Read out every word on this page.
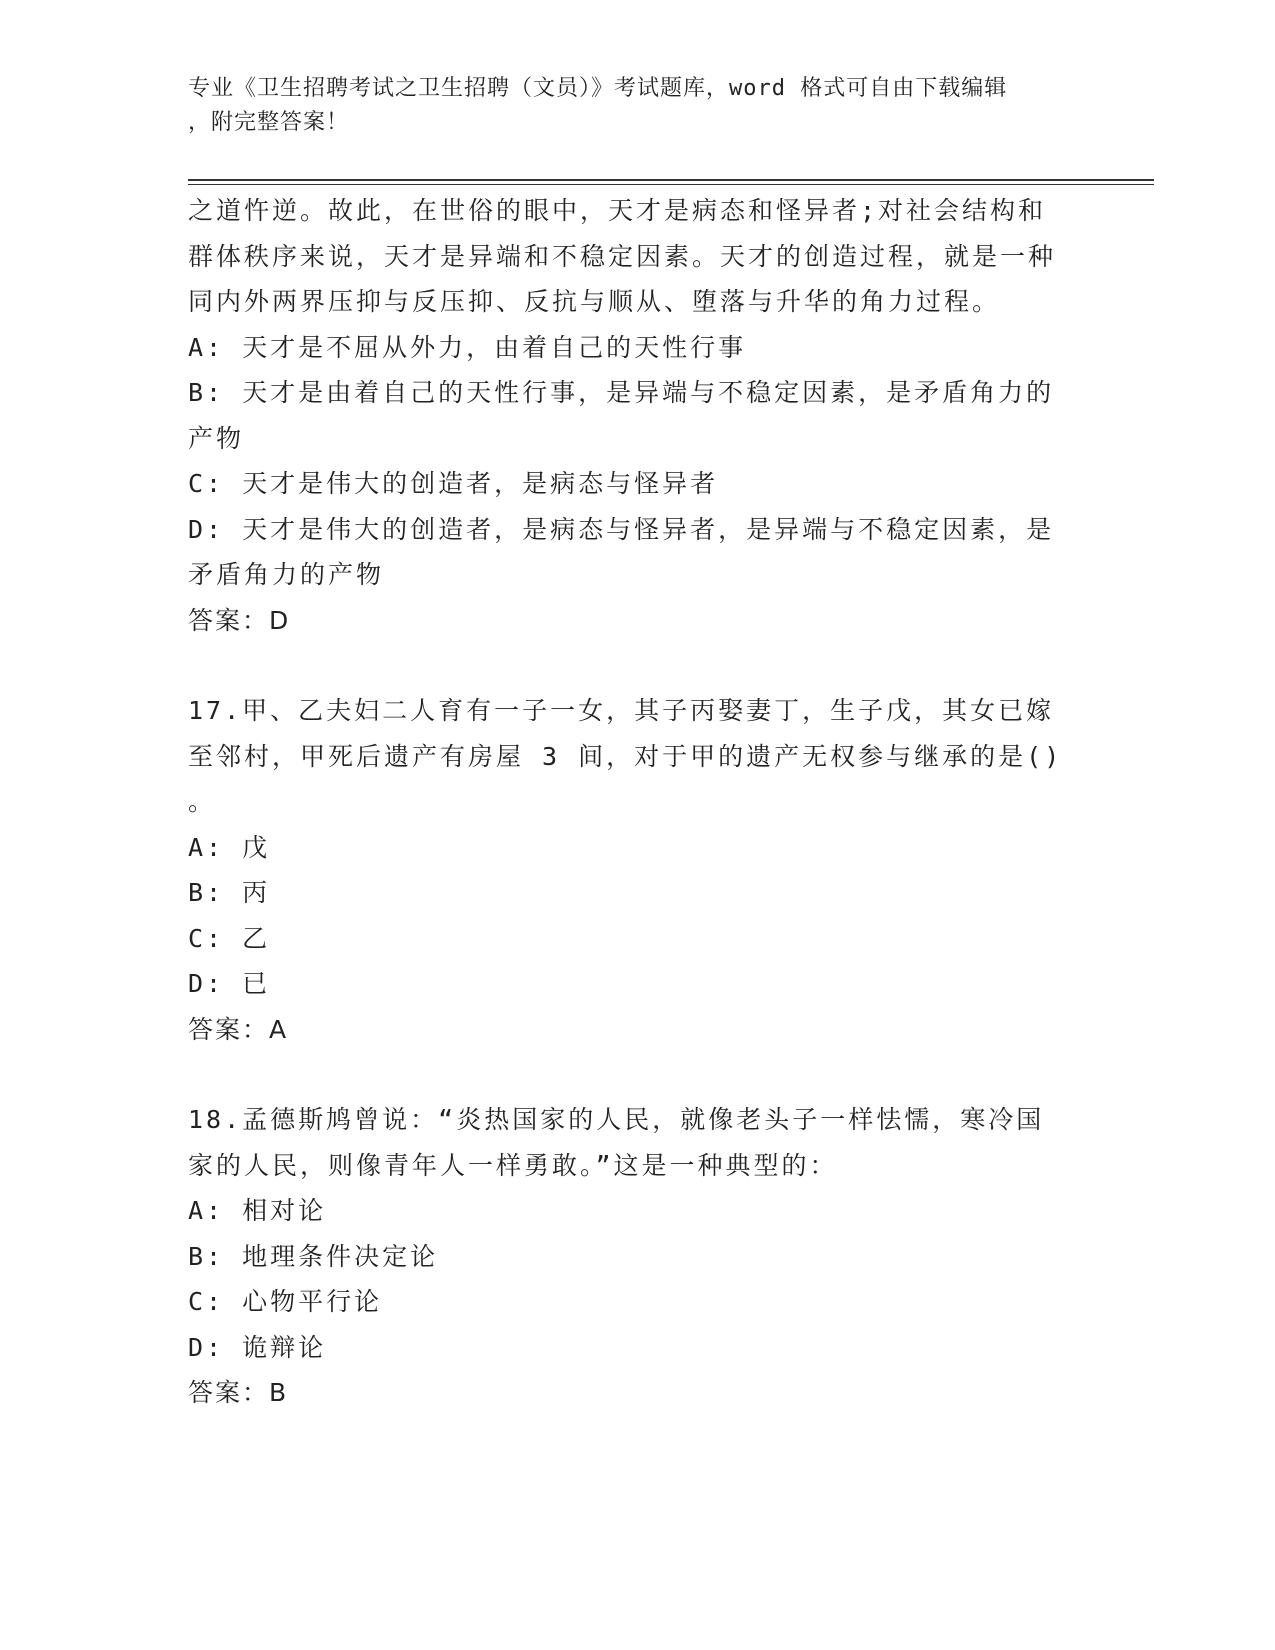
专业《卫生招聘考试之卫生招聘（文员）》考试题库，word 格式可自由下载编辑
，附完整答案！

之道忤逆。故此，在世俗的眼中，天才是病态和怪异者;对社会结构和群体秩序来说，天才是异端和不稳定因素。天才的创造过程，就是一种同内外两界压抑与反压抑、反抗与顺从、堕落与升华的角力过程。

A: 天才是不屈从外力，由着自己的天性行事

B: 天才是由着自己的天性行事，是异端与不稳定因素，是矛盾角力的产物

C: 天才是伟大的创造者，是病态与怪异者

D: 天才是伟大的创造者，是病态与怪异者，是异端与不稳定因素，是矛盾角力的产物

答案：D

17.甲、乙夫妇二人育有一子一女，其子丙娶妻丁，生子戊，其女已嫁至邻村，甲死后遗产有房屋 3 间，对于甲的遗产无权参与继承的是()

。

A: 戊

B: 丙

C: 乙

D: 已

答案：A

18.孟德斯鸠曾说：“炎热国家的人民，就像老头子一样怯懦，寒冷国家的人民，则像青年人一样勇敢。”这是一种典型的：

A: 相对论

B: 地理条件决定论

C: 心物平行论

D: 诡辩论

答案：B
